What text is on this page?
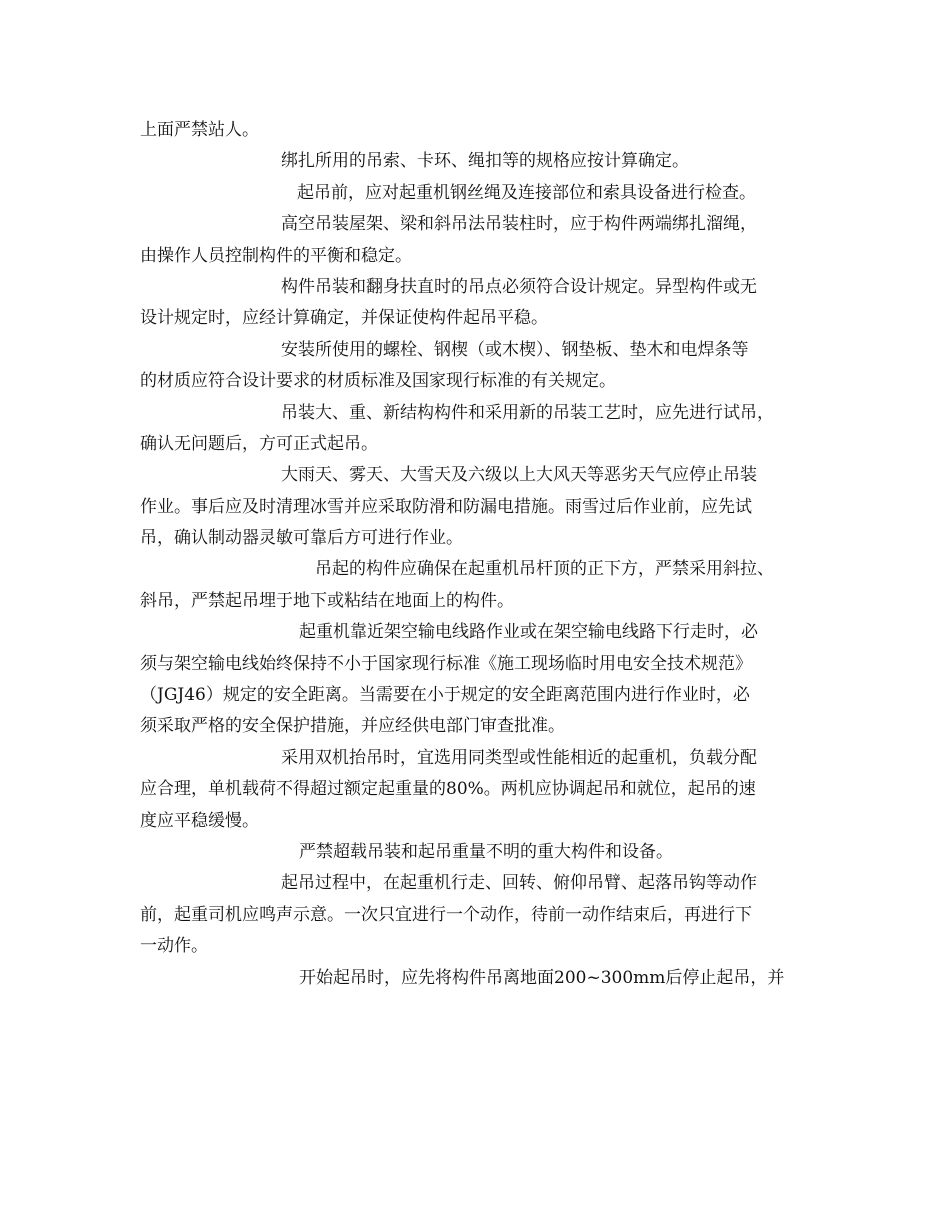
上面严禁站人。
绑扎所用的吊索、卡环、绳扣等的规格应按计算确定。
起吊前，应对起重机钢丝绳及连接部位和索具设备进行检查。
高空吊装屋架、梁和斜吊法吊装柱时，应于构件两端绑扎溜绳，
由操作人员控制构件的平衡和稳定。
构件吊装和翻身扶直时的吊点必须符合设计规定。异型构件或无
设计规定时，应经计算确定，并保证使构件起吊平稳。
安装所使用的螺栓、钢楔（或木楔）、钢垫板、垫木和电焊条等
的材质应符合设计要求的材质标准及国家现行标准的有关规定。
吊装大、重、新结构构件和采用新的吊装工艺时，应先进行试吊，
确认无问题后，方可正式起吊。
大雨天、雾天、大雪天及六级以上大风天等恶劣天气应停止吊装
作业。事后应及时清理冰雪并应采取防滑和防漏电措施。雨雪过后作业前，应先试
吊，确认制动器灵敏可靠后方可进行作业。
吊起的构件应确保在起重机吊杆顶的正下方，严禁采用斜拉、
斜吊，严禁起吊埋于地下或粘结在地面上的构件。
起重机靠近架空输电线路作业或在架空输电线路下行走时，必
须与架空输电线始终保持不小于国家现行标准《施工现场临时用电安全技术规范》
（JGJ46）规定的安全距离。当需要在小于规定的安全距离范围内进行作业时，必
须采取严格的安全保护措施，并应经供电部门审查批准。
采用双机抬吊时，宜选用同类型或性能相近的起重机，负载分配
应合理，单机载荷不得超过额定起重量的80%。两机应协调起吊和就位，起吊的速
度应平稳缓慢。
严禁超载吊装和起吊重量不明的重大构件和设备。
起吊过程中，在起重机行走、回转、俯仰吊臂、起落吊钩等动作
前，起重司机应鸣声示意。一次只宜进行一个动作，待前一动作结束后，再进行下
一动作。
开始起吊时，应先将构件吊离地面200~300mm后停止起吊，并
